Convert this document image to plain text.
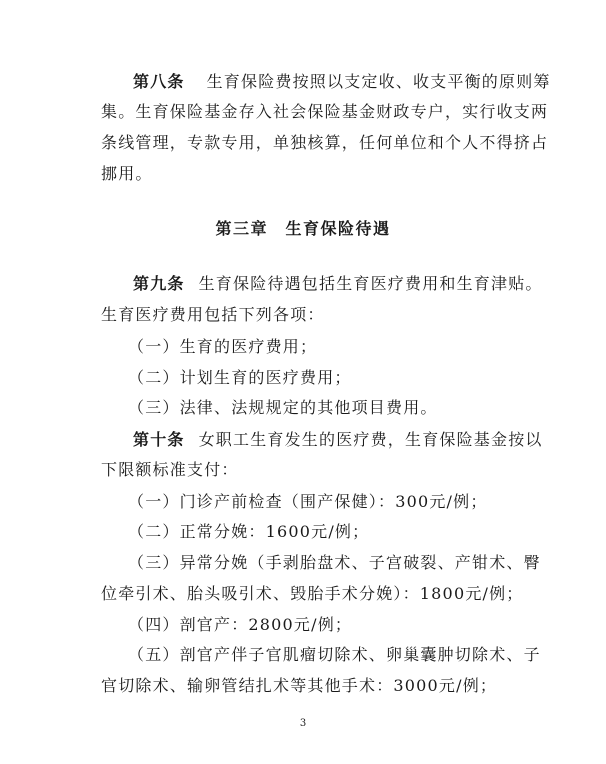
第八条 生育保险费按照以支定收、收支平衡的原则筹
集。生育保险基金存入社会保险基金财政专户，实行收支两
条线管理，专款专用，单独核算，任何单位和个人不得挤占
挪用。
第三章　生育保险待遇
第九条 生育保险待遇包括生育医疗费用和生育津贴。
生育医疗费用包括下列各项：
（一）生育的医疗费用；
（二）计划生育的医疗费用；
（三）法律、法规规定的其他项目费用。
第十条 女职工生育发生的医疗费，生育保险基金按以
下限额标准支付：
（一）门诊产前检查（围产保健）：300元/例；
（二）正常分娩：1600元/例；
（三）异常分娩（手剥胎盘术、子宫破裂、产钳术、臀
位牵引术、胎头吸引术、毁胎手术分娩）：1800元/例；
（四）剖官产：2800元/例；
（五）剖官产伴子官肌瘤切除术、卵巢囊肿切除术、子
官切除术、输卵管结扎术等其他手术：3000元/例；
3
